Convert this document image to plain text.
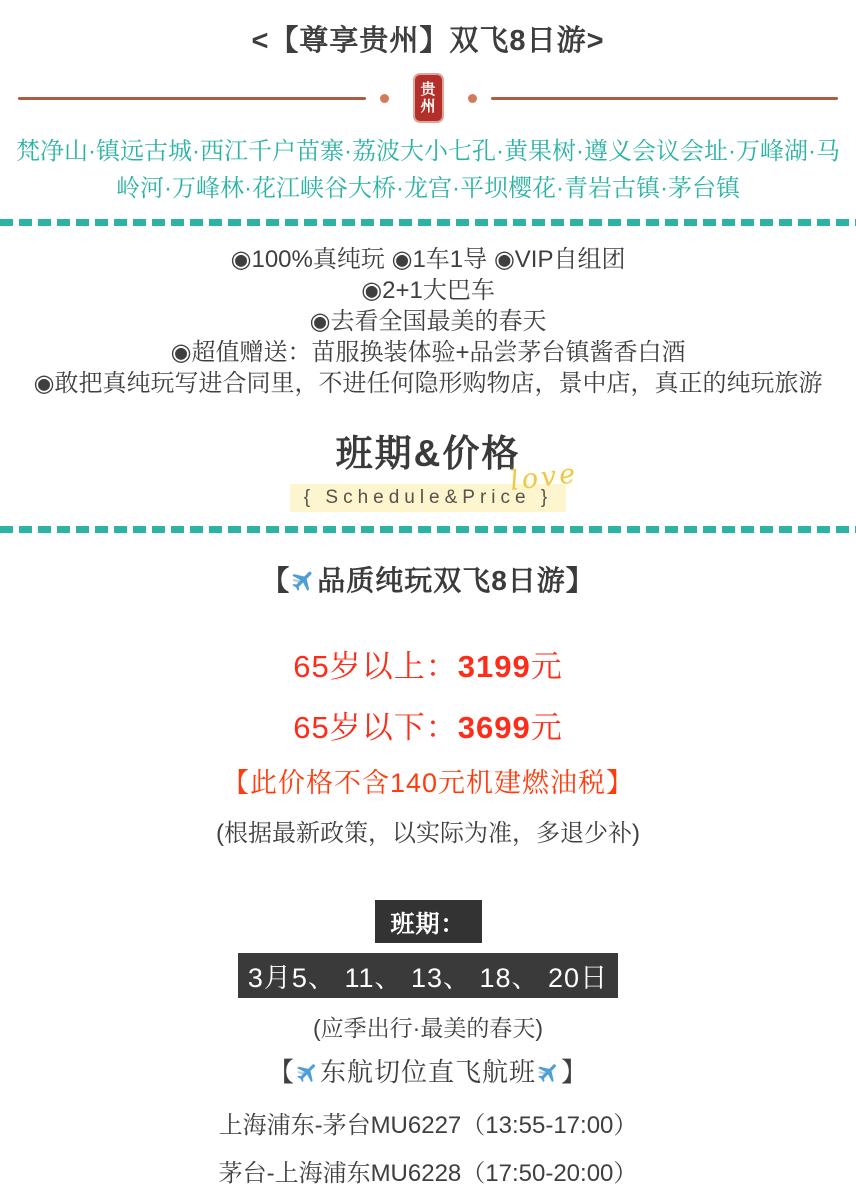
<【尊享贵州】双飞8日游>
贵
州
梵净山·镇远古城·西江千户苗寨·荔波大小七孔·黄果树·遵义会议会址·万峰湖·马岭河·万峰林·花江峡谷大桥·龙宫·平坝樱花·青岩古镇·茅台镇
◉100%真纯玩 ◉1车1导 ◉VIP自组团
◉2+1大巴车
◉去看全国最美的春天
◉超值赠送：苗服换装体验+品尝茅台镇酱香白酒
◉敢把真纯玩写进合同里，不进任何隐形购物店，景中店，真正的纯玩旅游
班期&价格
love
{ Schedule&Price }
【 品质纯玩双飞8日游】
65岁以上：3199元
65岁以下：3699元
【此价格不含140元机建燃油税】
(根据最新政策，以实际为准，多退少补)
班期：
3月5、 11、 13、 18、 20日
(应季出行·最美的春天)
【 东航切位直飞航班 】
上海浦东-茅台MU6227（13:55-17:00）
茅台-上海浦东MU6228（17:50-20:00）
